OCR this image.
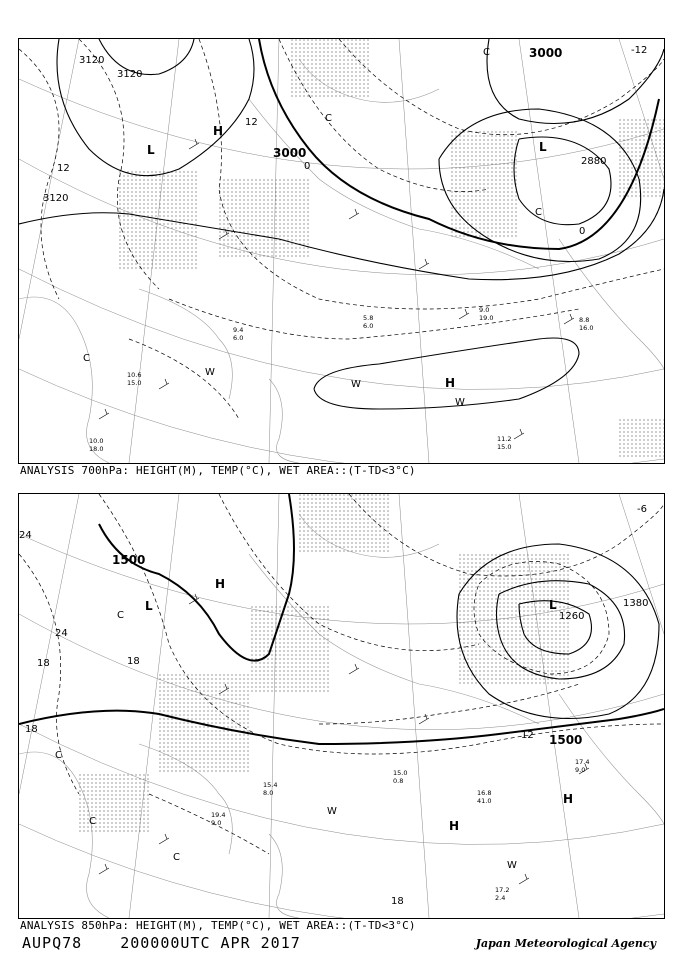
3120
3120
3120
3000
3000
2880
12
12
-12
0
0
H
L	L
H
C
C
W
W
W
C
C
11.2
15.0
8.8
16.0
9.0
19.0
5.8
6.0
10.0
18.0
9.4
6.0
10.6
15.0
ANALYSIS 700hPa: HEIGHT(M), TEMP(°C), WET AREA::(T-TD<3°C)
1500
1500
1260
1380
24
24
18	18
18
12
-6
18
H
L	L
H
H
C
C
C
W
W
C
17.2
2.4
17.4
9.0
16.8
41.0
15.0
0.8
19.4
9.0
15.4
8.0
ANALYSIS 850hPa: HEIGHT(M), TEMP(°C), WET AREA::(T-TD<3°C)
AUPQ78	200000UTC APR 2017	Japan Meteorological Agency
